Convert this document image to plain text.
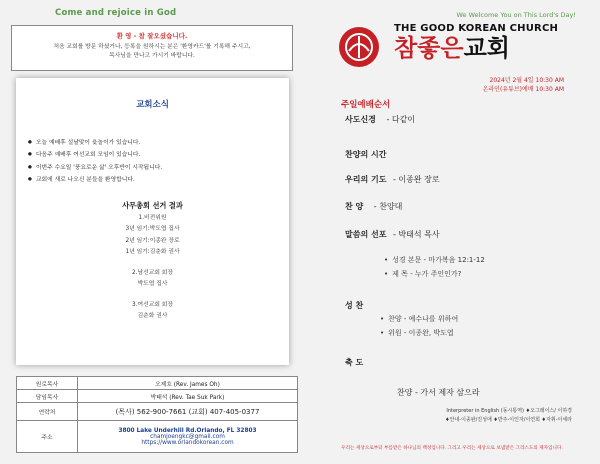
Come and rejoice in God
환 영 - 참 잘오셨습니다.
처음 교회를 방문 하셨거나, 등록을 원하시는 분은 '환영카드'를 기록해 주시고,
목사님을 만나고 가시기 바랍니다.
교회소식
● 오늘 예배후 설날맞이 윷놀이가 있습니다.
● 다음주 예배후 여선교회 모임이 있습니다.
● 이번주 수요일 '풍요로운 삶' 오후반이 시작됩니다.
● 교회에 새로 나오신 분들을 환영합니다.
사무총회 선거 결과
1.비전위원
3년 임기:박도엽 집사
2년 임기:이종완 장로
1년 임기:김춘화 권사
2.남선교회 회장
박도엽 집사
3.여선교회 회장
김춘화 권사
원로목사	오제호 (Rev. James Oh)
담임목사	박태석 (Rev. Tae Suk Park)
연락처	(목사) 562-900-7661 (교회) 407-405-0377
주소	3800 Lake Underhill Rd.Orlando, FL 32803
chamjoengkc@gmail.com
https://www.orlandokorean.com
We Welcome You on This Lord's Day!
THE GOOD KOREAN CHURCH
참좋은교회
2024년 2월 4일 10:30 AM
온라인(유튜브)예배 10:30 AM
주일예배순서
사도신경 - 다같이
찬양의 시간
우리의 기도 - 이종완 장로
찬 양 - 찬양대
말씀의 선포 - 박태석 목사
• 성경 본문 - 마가복음 12:1-12
• 제 목 - 누가 주인인가?
성 찬
• 찬양 - 예수나를 위하여
• 위원 - 이종완, 박도엽
축 도
찬양 - 가서 제자 삼으라
Interpreter in English (동시통역) ♦오그레이스/ 이하경
♦안내-이종완/진성애 ♦반주-이인자/이연희 ♦자휘-이세라
우리는 세상으로부터 부름받은 하나님의 백성입니다. 그리고 우리는 세상으로 보냄받은 그리스도의 제자입니다.
